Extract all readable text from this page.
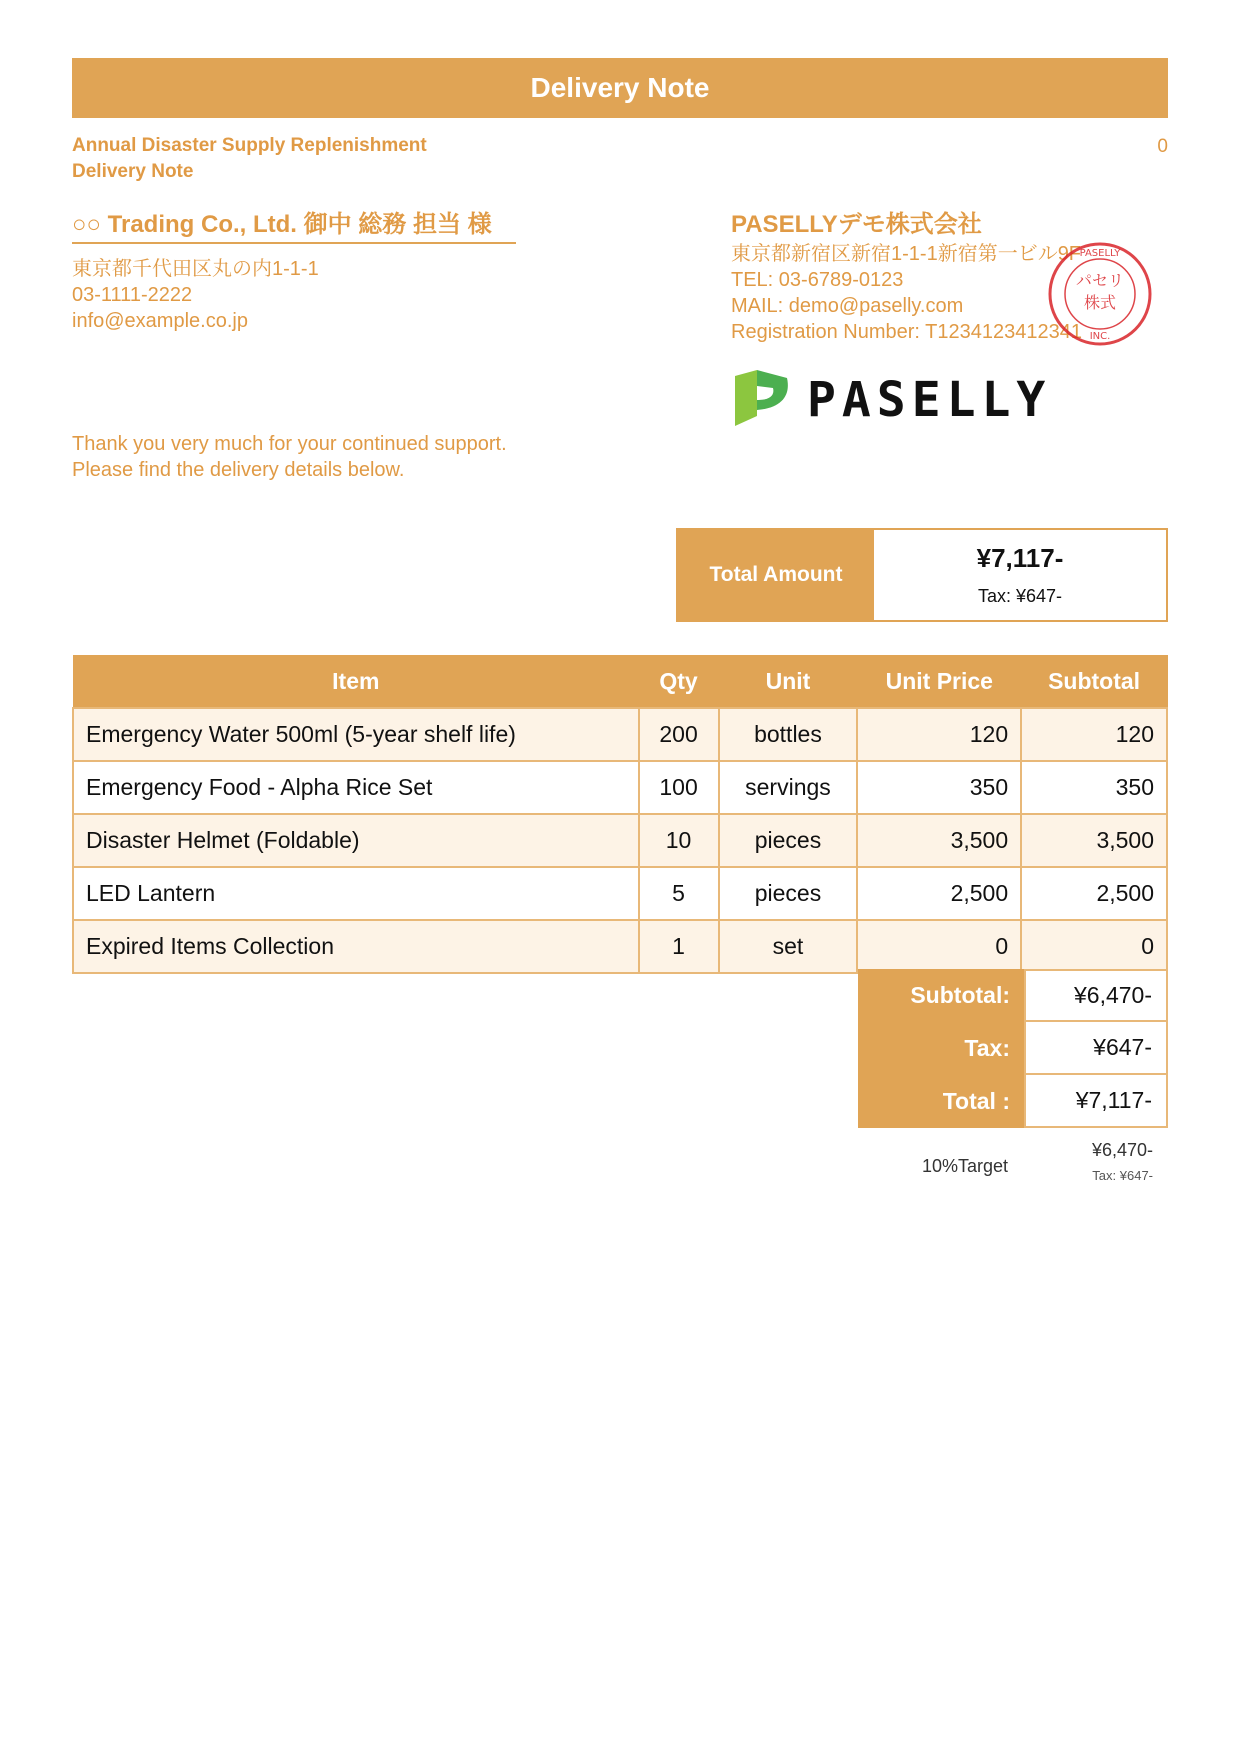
Delivery Note
Annual Disaster Supply Replenishment
Delivery Note
0
○○ Trading Co., Ltd. 御中 総務 担当 様
東京都千代田区丸の内1-1-1
03-1111-2222
info@example.co.jp
PASELLYデモ株式会社
東京都新宿区新宿1-1-1新宿第一ビル9F
TEL: 03-6789-0123
MAIL: demo@paselly.com
Registration Number: T1234123412341
パセリ
株式
PASELLY
INC.
PASELLY
Thank you very much for your continued support.
Please find the delivery details below.
Total Amount
¥7,117-
Tax: ¥647-
Item	Qty	Unit	Unit Price	Subtotal
Emergency Water 500ml (5-year shelf life)	200	bottles	120	120
Emergency Food - Alpha Rice Set	100	servings	350	350
Disaster Helmet (Foldable)	10	pieces	3,500	3,500
LED Lantern	5	pieces	2,500	2,500
Expired Items Collection	1	set	0	0
Subtotal:	¥6,470-
Tax:	¥647-
Total :	¥7,117-
10%Target
¥6,470-
Tax: ¥647-
